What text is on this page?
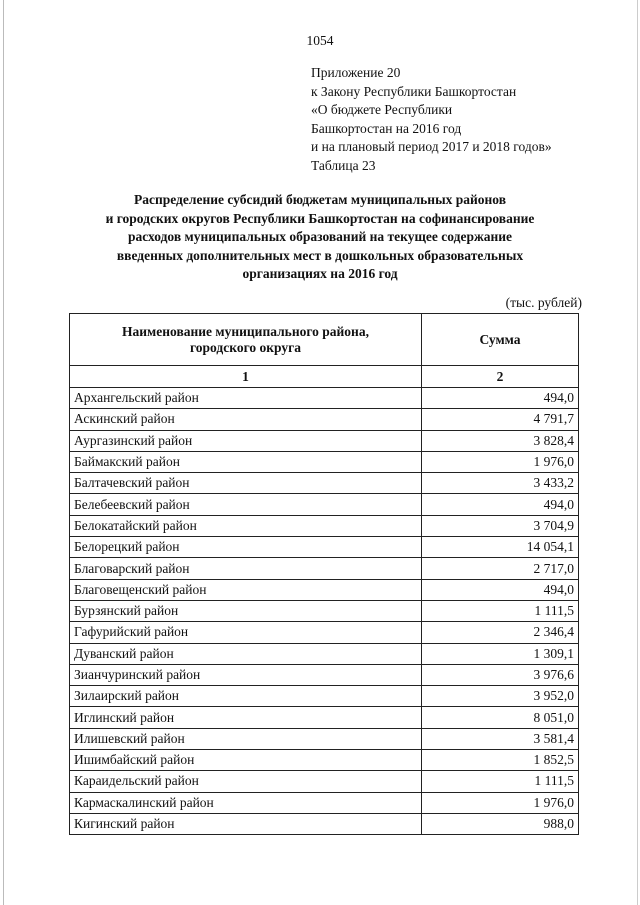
1054
Приложение 20
к Закону Республики Башкортостан
«О бюджете Республики
Башкортостан на 2016 год
и на плановый период 2017 и 2018 годов»
Таблица 23
Распределение субсидий бюджетам муниципальных районов
и городских округов Республики Башкортостан на софинансирование
расходов муниципальных образований на текущее содержание
введенных дополнительных мест в дошкольных образовательных
организациях на 2016 год
(тыс. рублей)
Наименование муниципального района,
городского округа	Сумма
1	2
Архангельский район	494,0
Аскинский район	4 791,7
Аургазинский район	3 828,4
Баймакский район	1 976,0
Балтачевский район	3 433,2
Белебеевский район	494,0
Белокатайский район	3 704,9
Белорецкий район	14 054,1
Благоварский район	2 717,0
Благовещенский район	494,0
Бурзянский район	1 111,5
Гафурийский район	2 346,4
Дуванский район	1 309,1
Зианчуринский район	3 976,6
Зилаирский район	3 952,0
Иглинский район	8 051,0
Илишевский район	3 581,4
Ишимбайский район	1 852,5
Караидельский район	1 111,5
Кармаскалинский район	1 976,0
Кигинский район	988,0
